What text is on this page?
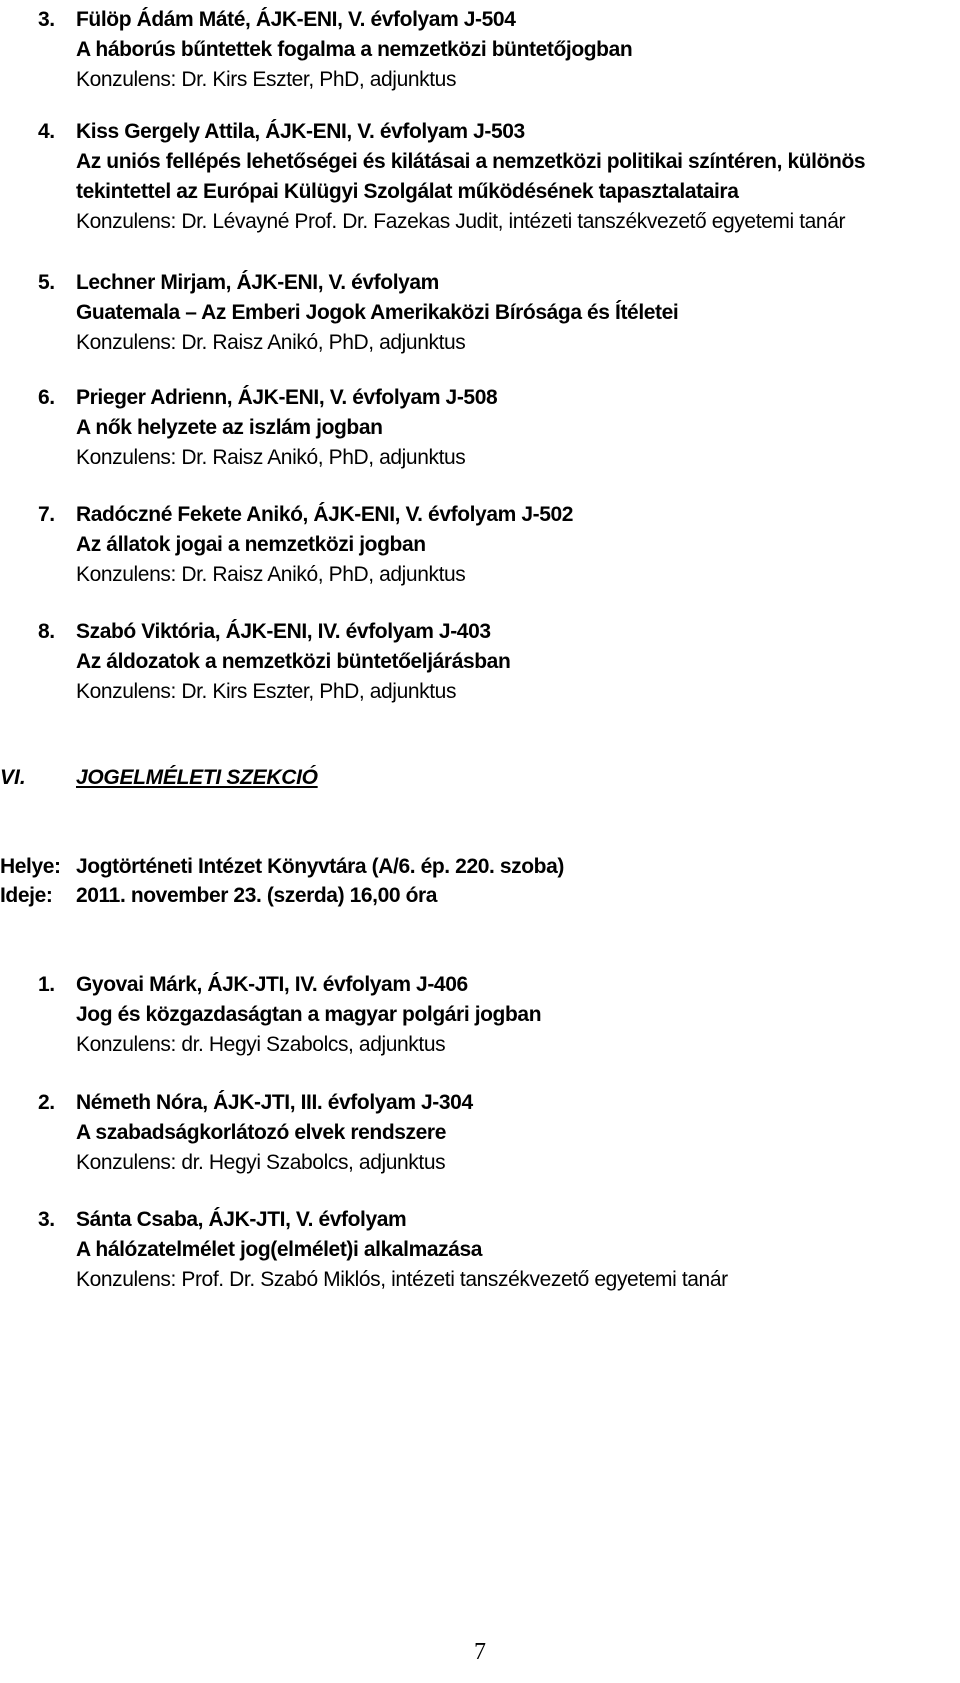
3.	Fülöp Ádám Máté, ÁJK-ENI, V. évfolyam J-504
A háborús bűntettek fogalma a nemzetközi büntetőjogban
Konzulens: Dr. Kirs Eszter, PhD, adjunktus
4.	Kiss Gergely Attila, ÁJK-ENI, V. évfolyam J-503
Az uniós fellépés lehetőségei és kilátásai a nemzetközi politikai színtéren, különös
tekintettel az Európai Külügyi Szolgálat működésének tapasztalataira
Konzulens: Dr. Lévayné Prof. Dr. Fazekas Judit, intézeti tanszékvezető egyetemi tanár
5.	Lechner Mirjam, ÁJK-ENI, V. évfolyam
Guatemala – Az Emberi Jogok Amerikaközi Bírósága és Ítéletei
Konzulens: Dr. Raisz Anikó, PhD, adjunktus
6.	Prieger Adrienn, ÁJK-ENI, V. évfolyam J-508
A nők helyzete az iszlám jogban
Konzulens: Dr. Raisz Anikó, PhD, adjunktus
7.	Radóczné Fekete Anikó, ÁJK-ENI, V. évfolyam J-502
Az állatok jogai a nemzetközi jogban
Konzulens: Dr. Raisz Anikó, PhD, adjunktus
8.	Szabó Viktória, ÁJK-ENI, IV. évfolyam J-403
Az áldozatok a nemzetközi büntetőeljárásban
Konzulens: Dr. Kirs Eszter, PhD, adjunktus
VI.	JOGELMÉLETI SZEKCIÓ
Helye: Jogtörténeti Intézet Könyvtára (A/6. ép. 220. szoba)
Ideje:	2011. november 23. (szerda) 16,00 óra
1.	Gyovai Márk, ÁJK-JTI, IV. évfolyam J-406
Jog és közgazdaságtan a magyar polgári jogban
Konzulens: dr. Hegyi Szabolcs, adjunktus
2.	Németh Nóra, ÁJK-JTI, III. évfolyam J-304
A szabadságkorlátozó elvek rendszere
Konzulens: dr. Hegyi Szabolcs, adjunktus
3.	Sánta Csaba, ÁJK-JTI, V. évfolyam
A hálózatelmélet jog(elmélet)i alkalmazása
Konzulens: Prof. Dr. Szabó Miklós, intézeti tanszékvezető egyetemi tanár
7
